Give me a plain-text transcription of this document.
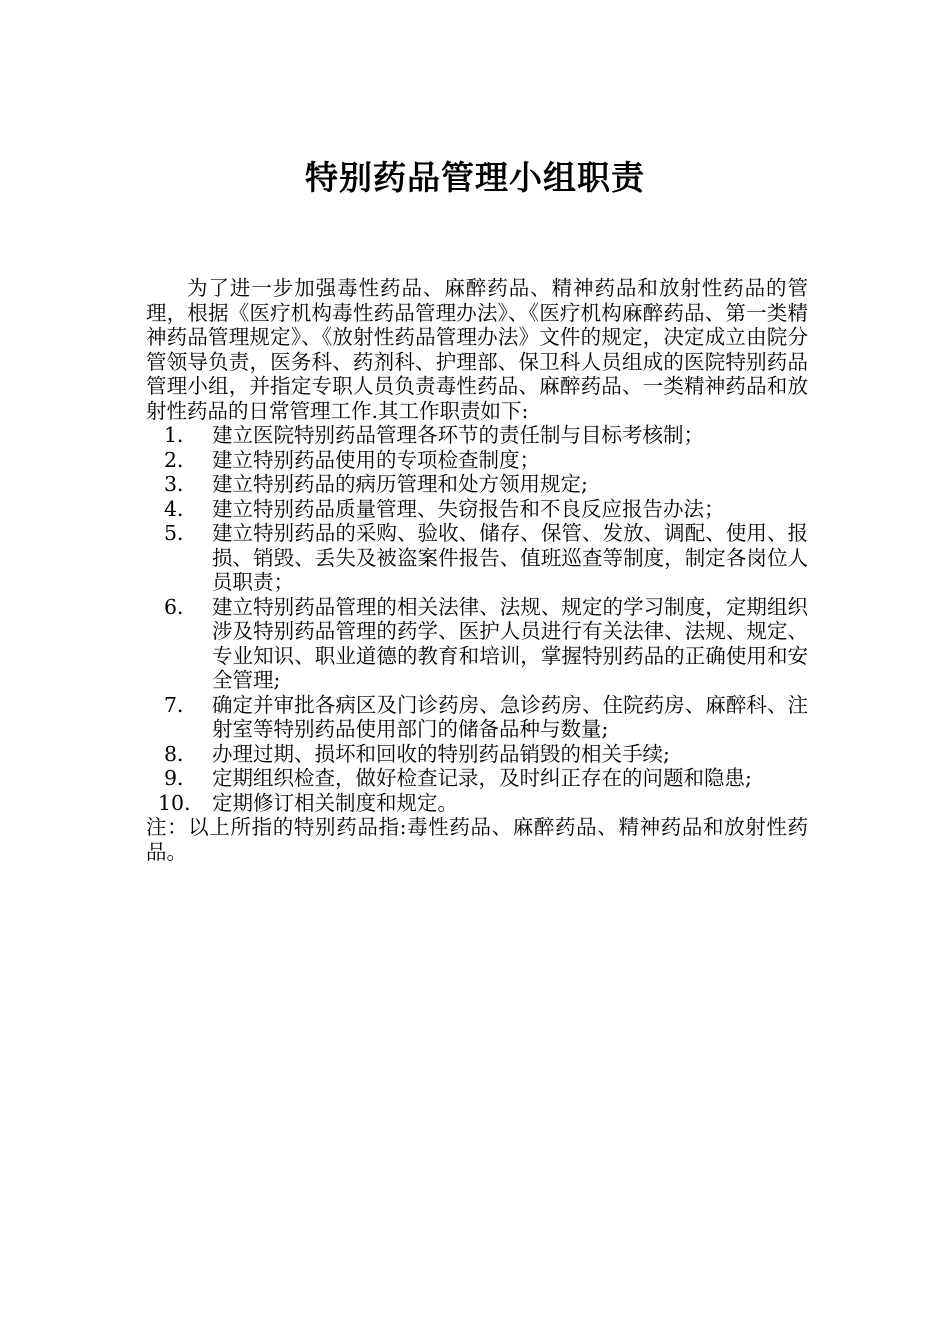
特别药品管理小组职责

为了进一步加强毒性药品、麻醉药品、精神药品和放射性药品的管理，根据《医疗机构毒性药品管理办法》、《医疗机构麻醉药品、第一类精神药品管理规定》、《放射性药品管理办法》文件的规定，决定成立由院分管领导负责，医务科、药剂科、护理部、保卫科人员组成的医院特别药品管理小组，并指定专职人员负责毒性药品、麻醉药品、一类精神药品和放射性药品的日常管理工作.其工作职责如下:

1． 建立医院特别药品管理各环节的责任制与目标考核制；
2． 建立特别药品使用的专项检查制度；
3． 建立特别药品的病历管理和处方领用规定;
4． 建立特别药品质量管理、失窃报告和不良反应报告办法；
5． 建立特别药品的采购、验收、储存、保管、发放、调配、使用、报损、销毁、丢失及被盗案件报告、值班巡查等制度，制定各岗位人员职责；
6． 建立特别药品管理的相关法律、法规、规定的学习制度，定期组织涉及特别药品管理的药学、医护人员进行有关法律、法规、规定、专业知识、职业道德的教育和培训，掌握特别药品的正确使用和安全管理;
7． 确定并审批各病区及门诊药房、急诊药房、住院药房、麻醉科、注射室等特别药品使用部门的储备品种与数量;
8． 办理过期、损坏和回收的特别药品销毁的相关手续;
9． 定期组织检查，做好检查记录，及时纠正存在的问题和隐患;
10． 定期修订相关制度和规定。

注：以上所指的特别药品指:毒性药品、麻醉药品、精神药品和放射性药品。
